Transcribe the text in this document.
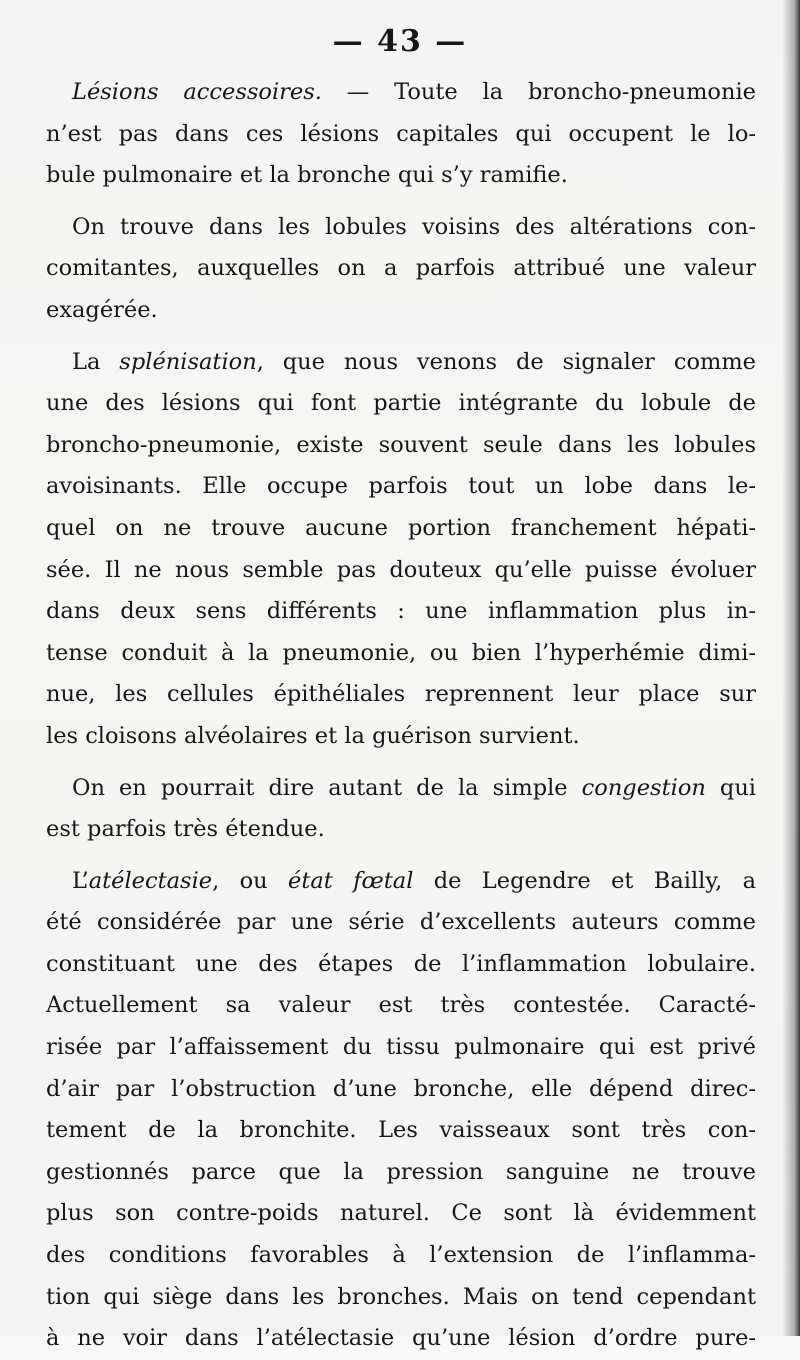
— 43 —
Lésions accessoires. — Toute la broncho-pneumonie
n’est pas dans ces lésions capitales qui occupent le lo-
bule pulmonaire et la bronche qui s’y ramifie.
On trouve dans les lobules voisins des altérations con-
comitantes, auxquelles on a parfois attribué une valeur
exagérée.
La splénisation, que nous venons de signaler comme
une des lésions qui font partie intégrante du lobule de
broncho-pneumonie, existe souvent seule dans les lobules
avoisinants. Elle occupe parfois tout un lobe dans le-
quel on ne trouve aucune portion franchement hépati-
sée. Il ne nous semble pas douteux qu’elle puisse évoluer
dans deux sens différents : une inflammation plus in-
tense conduit à la pneumonie, ou bien l’hyperhémie dimi-
nue, les cellules épithéliales reprennent leur place sur
les cloisons alvéolaires et la guérison survient.
On en pourrait dire autant de la simple congestion qui
est parfois très étendue.
L’atélectasie, ou état fœtal de Legendre et Bailly, a
été considérée par une série d’excellents auteurs comme
constituant une des étapes de l’inflammation lobulaire.
Actuellement sa valeur est très contestée. Caracté-
risée par l’affaissement du tissu pulmonaire qui est privé
d’air par l’obstruction d’une bronche, elle dépend direc-
tement de la bronchite. Les vaisseaux sont très con-
gestionnés parce que la pression sanguine ne trouve
plus son contre-poids naturel. Ce sont là évidemment
des conditions favorables à l’extension de l’inflamma-
tion qui siège dans les bronches. Mais on tend cependant
à ne voir dans l’atélectasie qu’une lésion d’ordre pure-
